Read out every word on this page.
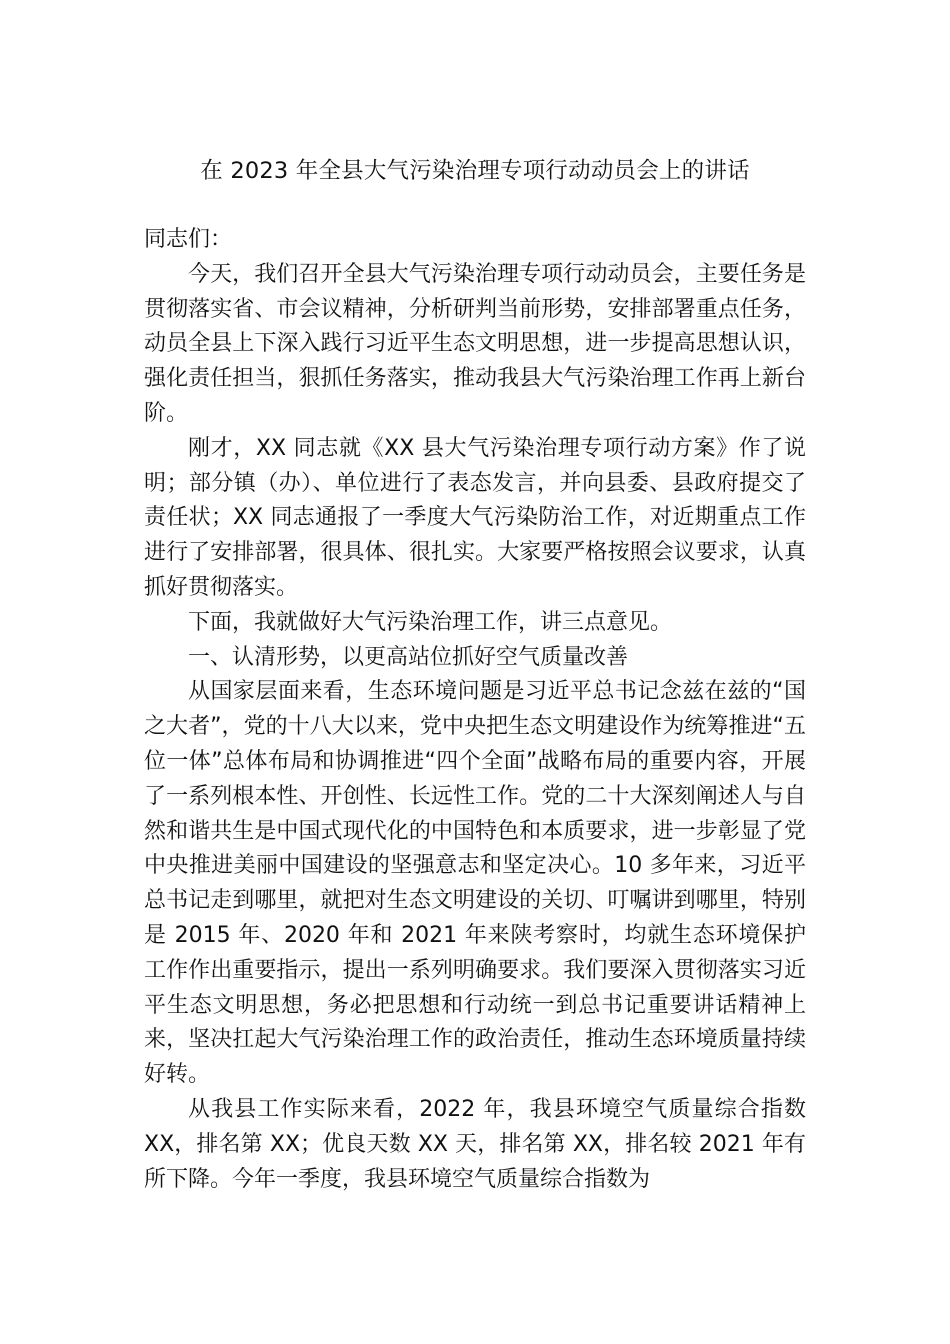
在 2023 年全县大气污染治理专项行动动员会上的讲话

同志们：

今天，我们召开全县大气污染治理专项行动动员会，主要任务是贯彻落实省、市会议精神，分析研判当前形势，安排部署重点任务，动员全县上下深入践行习近平生态文明思想，进一步提高思想认识，强化责任担当，狠抓任务落实，推动我县大气污染治理工作再上新台阶。

刚才，XX 同志就《XX 县大气污染治理专项行动方案》作了说明；部分镇（办）、单位进行了表态发言，并向县委、县政府提交了责任状；XX 同志通报了一季度大气污染防治工作，对近期重点工作进行了安排部署，很具体、很扎实。大家要严格按照会议要求，认真抓好贯彻落实。

下面，我就做好大气污染治理工作，讲三点意见。

一、认清形势，以更高站位抓好空气质量改善

从国家层面来看，生态环境问题是习近平总书记念兹在兹的“国之大者”，党的十八大以来，党中央把生态文明建设作为统筹推进“五位一体”总体布局和协调推进“四个全面”战略布局的重要内容，开展了一系列根本性、开创性、长远性工作。党的二十大深刻阐述人与自然和谐共生是中国式现代化的中国特色和本质要求，进一步彰显了党中央推进美丽中国建设的坚强意志和坚定决心。10 多年来，习近平总书记走到哪里，就把对生态文明建设的关切、叮嘱讲到哪里，特别是 2015 年、2020 年和 2021 年来陕考察时，均就生态环境保护工作作出重要指示，提出一系列明确要求。我们要深入贯彻落实习近平生态文明思想，务必把思想和行动统一到总书记重要讲话精神上来，坚决扛起大气污染治理工作的政治责任，推动生态环境质量持续好转。

从我县工作实际来看，2022 年，我县环境空气质量综合指数 XX，排名第 XX；优良天数 XX 天，排名第 XX，排名较 2021 年有所下降。今年一季度，我县环境空气质量综合指数为
